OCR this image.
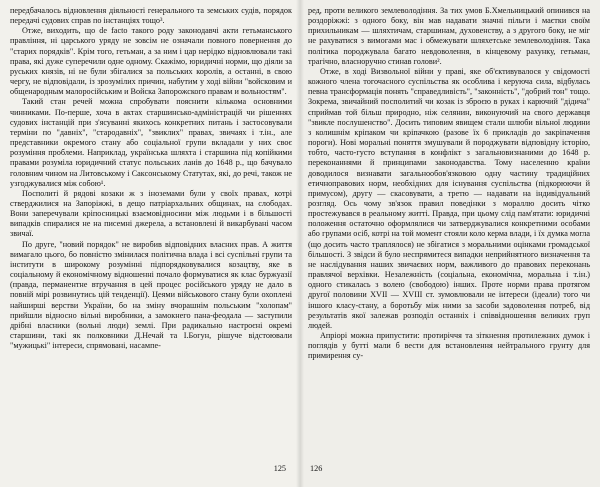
передбачалось відновлення діяльності генерального та земських судів, порядок передачі судових справ по інстанціях тощо³.

Отже, виходить, що de facto такого роду законодавчі акти гетьманського правління, ні царського уряду не зовсім не означали повного повернення до "старих порядків". Крім того, гетьман, а за ним і цар нерідко відновлювали такі права, які дуже суперечили одне одному. Скажімо, юридичні норми, що діяли за руських князів, ні не були збігалися за польських королів, а останні, в свою чергу, не відповідали, із зрозумілих причин, набутим у ході війни "войсковим и общенародным малоросійським и Войска Запорожского правам и вольностям".

Такий стан речей можна спробувати пояснити кількома основними чинниками. По-перше, хоча в актах старшинсько-адміністрацій чи рішеннях судових інстанцій при з'ясуванні якихось конкретних питань і застосовували терміни по "давніх", "стародавніх", "звиклих" правах, звичаях і т.ін., але представники окремого стану або соціальної групи вкладали у них своє розуміння проблеми. Наприклад, українська шляхта і старшина під копійкими правами розуміла юридичний статус польських ланів до 1648 р., що бачувало головним чином на Литовському і Саксонському Статутах, які, до речі, також не узгоджувалися між собою¹.

Посполиті й рядові козаки ж з іноземами були у своїх правах, котрі стверджилися на Запоріжжі, в дещо патріархальних общинах, на слободах. Вони заперечували кріпосницькі взаємовідносини між людьми і в більшості випадків спиралися не на писемні джерела, а встановлені й викарбувані часом звичаї.

По друге, "новий порядок" не виробив відповідних власних прав. А життя вимагало цього, бо повністю змінилася політична влада і всі суспільні групи та інститути в широкому розумінні підпорядковувалися козацтву, яке в соціальному й економічному відношенні почало формуватися як клас буржуазії (правда, перманентне втручання в цей процес російського уряду не дало в повній мірі розвинутись цій тенденції). Цеями військового стану були охоплені найширші верстви України, бо на зміну вчорашнім польським "холопам" прийшли відносно вільні виробники, а замокнего пана-феодала — заступили дрібні власники (вольні люди) землі. При радикально настроєні окремі старшини, такі як полковники Д.Нечай та І.Богун, рішуче відстоювали "мужицькі" інтереси, спрямовані, насампе-

125

ред, проти великого землеволодіння. За тих умов Б.Хмельницький опинився на роздоріжжі: з одного боку, він мав надавати значні пільги і маєтки своїм прихильникам — шляхтичам, старшинам, духовенству, а з другого боку, не міг не рахуватися з вимогами мас і обмежувати шляхетське землеволодіння. Така політика породжувала багато невдоволення, в кінцевому рахунку, гетьман, трагічно, власноручно стинав голови².

Отже, в ході Визвольної війни у праві, яке об'єктивувалося у свідомості кожного члена тогочасного суспільства як особлива і керуюча сила, відбулась певна трансформація понять "справедливість", "законність", "добрий тон" тощо. Зокрема, звичайний посполитий чи козак із зброєю в руках і карючий "дідича" сприймав той більш природно, ніж селянин, виконуючий на свого державця "звикле послушенство". Досить типовим явищем стали шлюби вільної людини з колишнім кріпаком чи кріпачкою (разове їх 6 прикладів до закріпачення пороги). Нові моральні поняття змушували й породжувати відповідну історію, тобто, часто-густо вступання в конфлікт з загальновизнаними до 1648 р. переконаннями й принципами законодавства. Тому населенню країни доводилося визнавати загальнообов'язковою одну частину традиційних етичноправових норм, необхідних для існування суспільства (підкорюючи й примусом), другу — скасовувати, а третю — надавати на індивідуальний розгляд. Ось чому зв'язок правил поведінки з мораллю досить чітко простежувався в реальному житті. Правда, при цьому слід пам'ятати: юридичні положення остаточно оформлялися чи затверджувалися конкретними особами або групами осіб, котрі на той момент стояли коло керма влади, і їх думка могла (що досить часто траплялося) не збігатися з моральними оцінками громадської більшості. З звідси й було неспрямитеся випадки неприйнятного визначення та не наслідування наших звичаєвих норм, важливого до правових переконань правлячої верхівки. Незалежність (соціальна, економічна, моральна і т.ін.) одного стикалась з волею (свободою) інших. Проте норми права протягом другої половини XVII — XVIII ст. зумовлювали не інтереси (ідеали) того чи іншого класу-стану, а боротьбу між ними за засоби задоволення потреб, від результатів якої залежав розподіл останніх і співвідношення великих груп людей.

Апріорі можна припустити: протиріччя та зіткнення протилежних думок і поглядів у бутті мали б вести для встановлення нейтрального грунту для примирення су-

126
